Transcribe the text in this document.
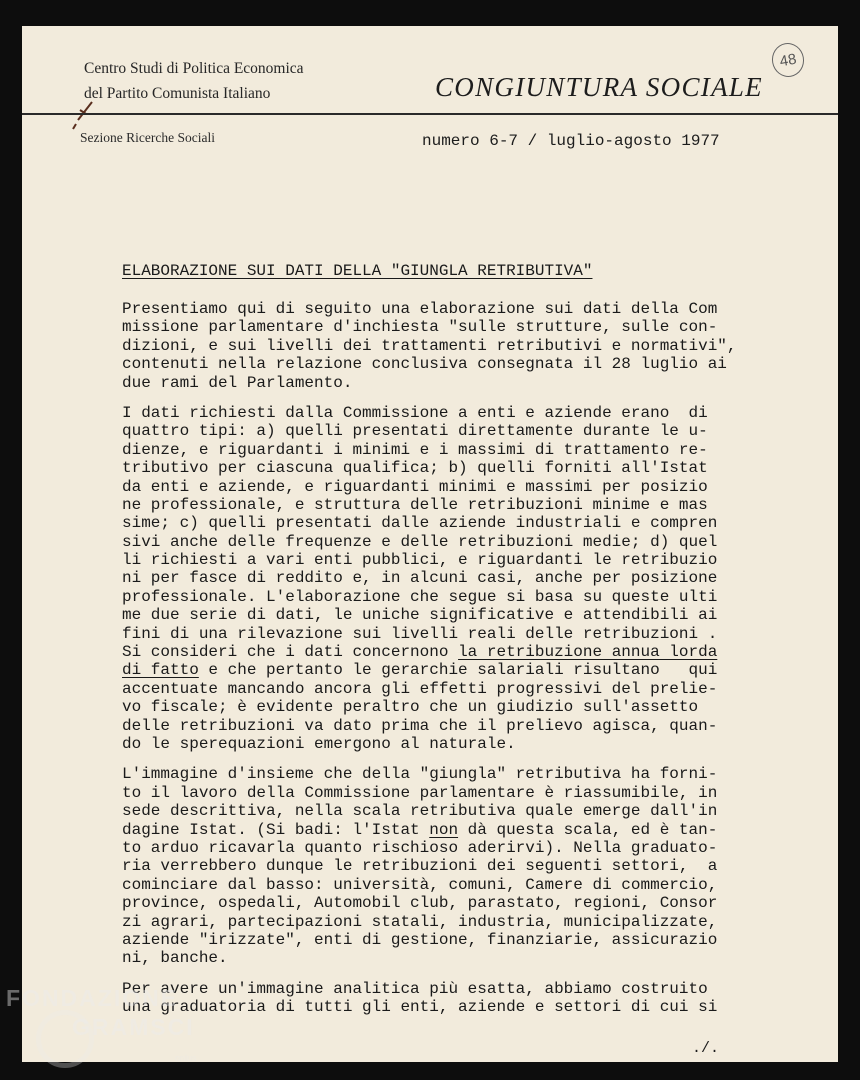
Centro Studi di Politica Economica
del Partito Comunista Italiano
Sezione Ricerche Sociali
CONGIUNTURA SOCIALE
48
numero 6-7 / luglio-agosto 1977
ELABORAZIONE SUI DATI DELLA "GIUNGLA RETRIBUTIVA"
Presentiamo qui di seguito una elaborazione sui dati della Com
missione parlamentare d'inchiesta "sulle strutture, sulle con-
dizioni, e sui livelli dei trattamenti retributivi e normativi",
contenuti nella relazione conclusiva consegnata il 28 luglio ai
due rami del Parlamento.
I dati richiesti dalla Commissione a enti e aziende erano  di
quattro tipi: a) quelli presentati direttamente durante le u-
dienze, e riguardanti i minimi e i massimi di trattamento re-
tributivo per ciascuna qualifica; b) quelli forniti all'Istat
da enti e aziende, e riguardanti minimi e massimi per posizio
ne professionale, e struttura delle retribuzioni minime e mas
sime; c) quelli presentati dalle aziende industriali e compren
sivi anche delle frequenze e delle retribuzioni medie; d) quel
li richiesti a vari enti pubblici, e riguardanti le retribuzio
ni per fasce di reddito e, in alcuni casi, anche per posizione
professionale. L'elaborazione che segue si basa su queste ulti
me due serie di dati, le uniche significative e attendibili ai
fini di una rilevazione sui livelli reali delle retribuzioni .
Si consideri che i dati concernono la retribuzione annua lorda
di fatto e che pertanto le gerarchie salariali risultano   qui
accentuate mancando ancora gli effetti progressivi del prelie-
vo fiscale; è evidente peraltro che un giudizio sull'assetto
delle retribuzioni va dato prima che il prelievo agisca, quan-
do le sperequazioni emergono al naturale.
L'immagine d'insieme che della "giungla" retributiva ha forni-
to il lavoro della Commissione parlamentare è riassumibile, in
sede descrittiva, nella scala retributiva quale emerge dall'in
dagine Istat. (Si badi: l'Istat non dà questa scala, ed è tan-
to arduo ricavarla quanto rischioso aderirvi). Nella graduato-
ria verrebbero dunque le retribuzioni dei seguenti settori,  a
cominciare dal basso: università, comuni, Camere di commercio,
province, ospedali, Automobil club, parastato, regioni, Consor
zi agrari, partecipazioni statali, industria, municipalizzate,
aziende "irizzate", enti di gestione, finanziarie, assicurazio
ni, banche.
Per avere un'immagine analitica più esatta, abbiamo costruito
una graduatoria di tutti gli enti, aziende e settori di cui si
./.
FONDAZIONE
GRAMSCI
onlus
